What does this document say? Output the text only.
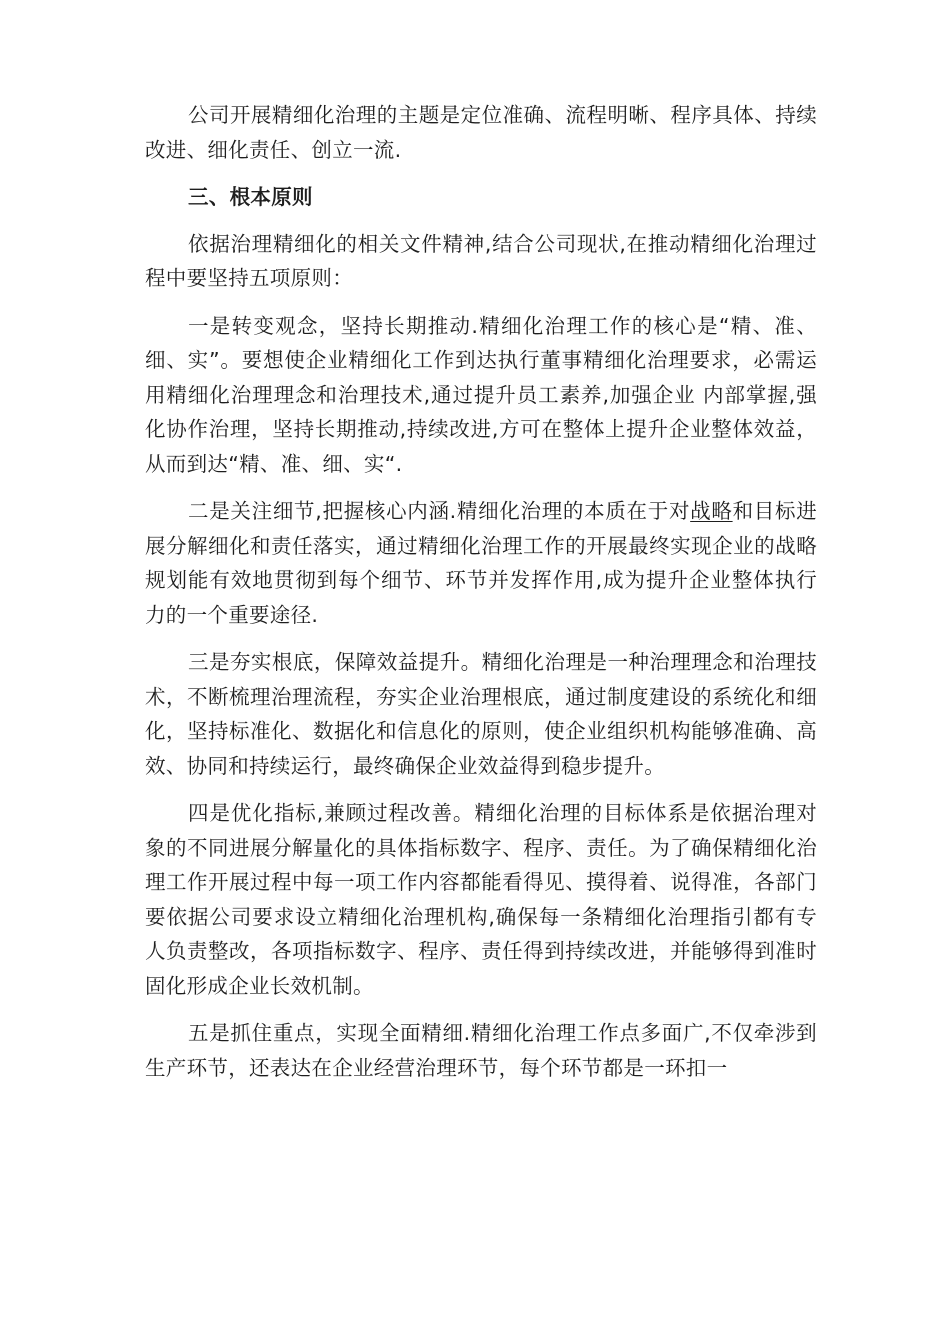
公司开展精细化治理的主题是定位准确、流程明晰、程序具体、持续改进、细化责任、创立一流.

三、根本原则

依据治理精细化的相关文件精神,结合公司现状,在推动精细化治理过程中要坚持五项原则：

一是转变观念，坚持长期推动.精细化治理工作的核心是“精、准、细、实”。要想使企业精细化工作到达执行董事精细化治理要求，必需运用精细化治理理念和治理技术,通过提升员工素养,加强企业 内部掌握,强化协作治理，坚持长期推动,持续改进,方可在整体上提升企业整体效益，从而到达“精、准、细、实“.

二是关注细节,把握核心内涵.精细化治理的本质在于对战略和目标进展分解细化和责任落实，通过精细化治理工作的开展最终实现企业的战略规划能有效地贯彻到每个细节、环节并发挥作用,成为提升企业整体执行力的一个重要途径.

三是夯实根底，保障效益提升。精细化治理是一种治理理念和治理技术，不断梳理治理流程，夯实企业治理根底，通过制度建设的系统化和细化，坚持标准化、数据化和信息化的原则，使企业组织机构能够准确、高效、协同和持续运行，最终确保企业效益得到稳步提升。

四是优化指标,兼顾过程改善。精细化治理的目标体系是依据治理对象的不同进展分解量化的具体指标数字、程序、责任。为了确保精细化治理工作开展过程中每一项工作内容都能看得见、摸得着、说得准，各部门要依据公司要求设立精细化治理机构,确保每一条精细化治理指引都有专人负责整改，各项指标数字、程序、责任得到持续改进，并能够得到准时固化形成企业长效机制。

五是抓住重点，实现全面精细.精细化治理工作点多面广,不仅牵涉到生产环节，还表达在企业经营治理环节，每个环节都是一环扣一
